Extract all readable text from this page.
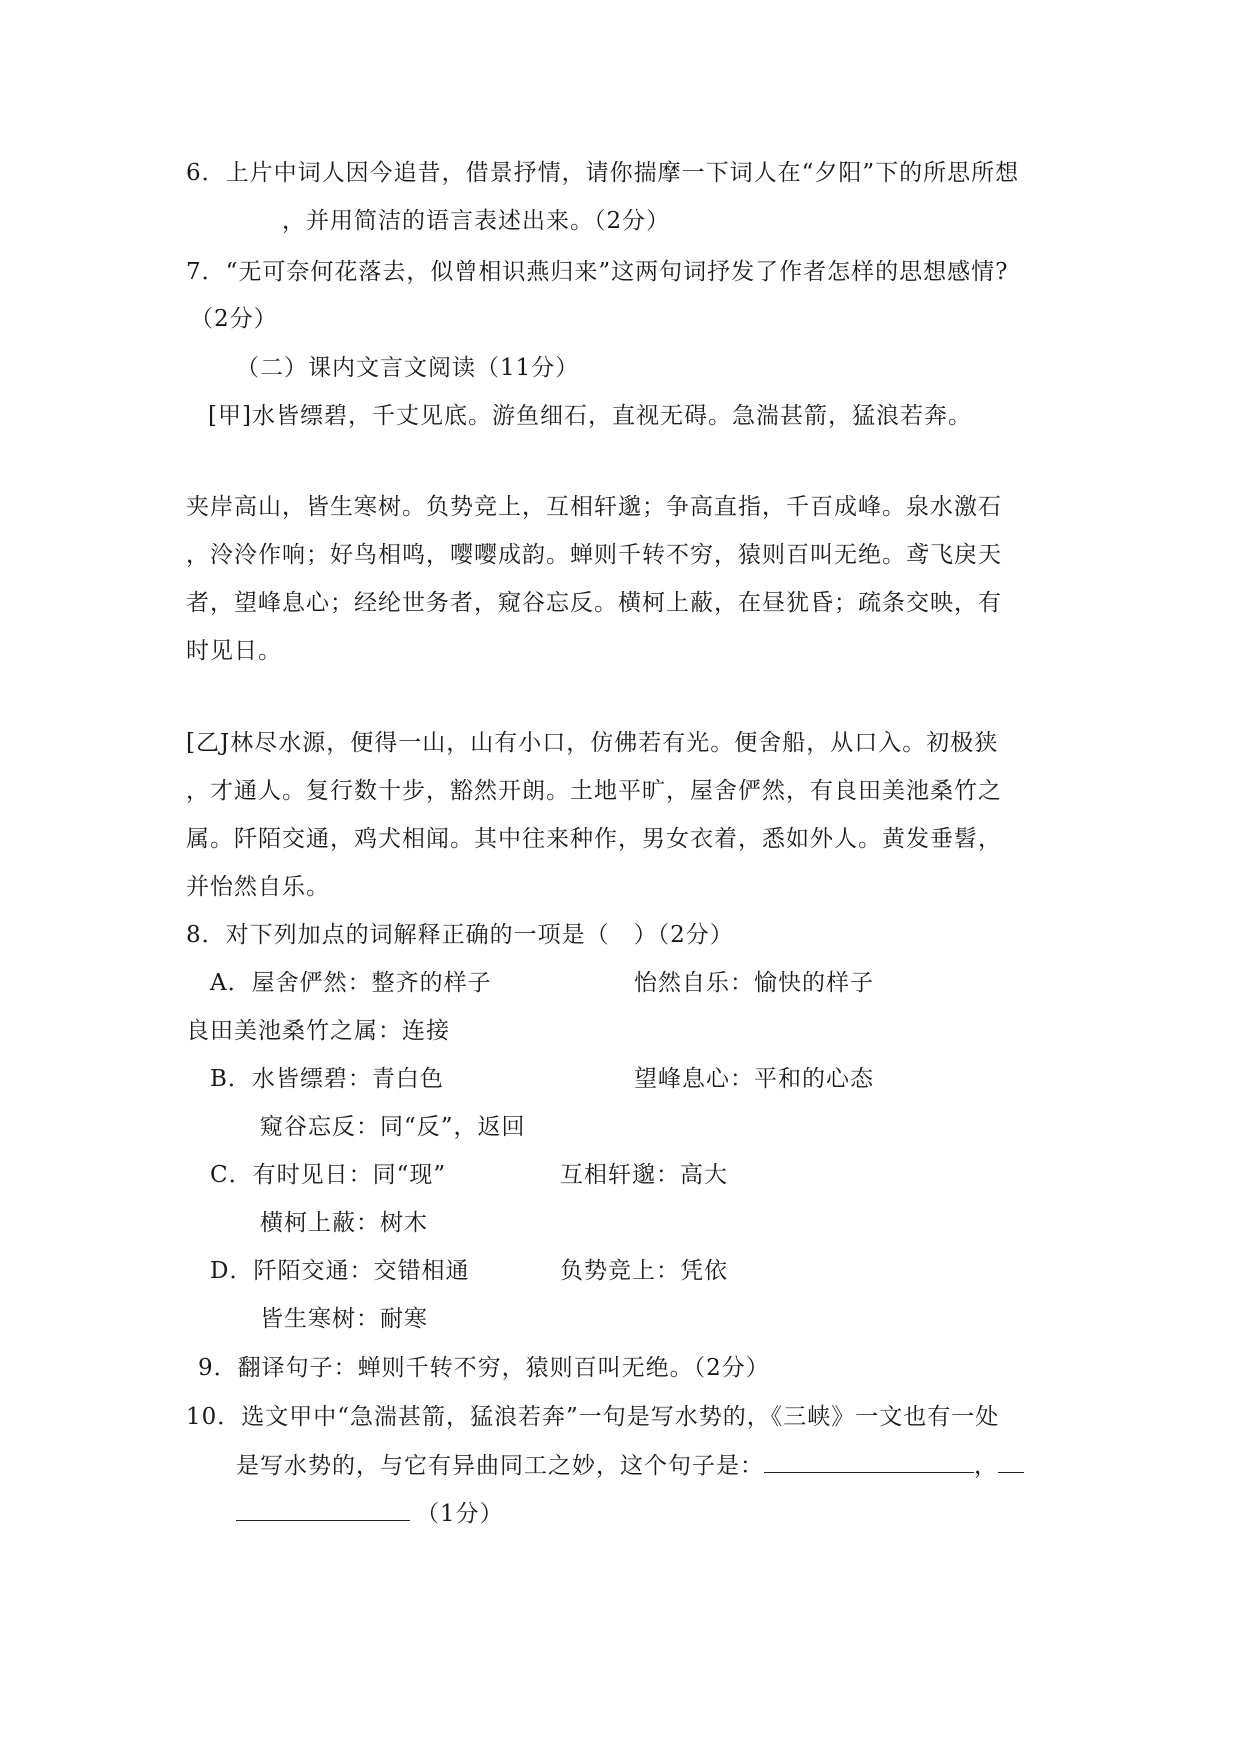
6．上片中词人因今追昔，借景抒情，请你揣摩一下词人在“夕阳”下的所思所想
，并用简洁的语言表述出来。（2分）
7．“无可奈何花落去，似曾相识燕归来”这两句词抒发了作者怎样的思想感情?
（2分）
（二）课内文言文阅读（11分）
[甲]水皆缥碧，千丈见底。游鱼细石，直视无碍。急湍甚箭，猛浪若奔。
夹岸高山，皆生寒树。负势竞上，互相轩邈；争高直指，千百成峰。泉水激石
，泠泠作响；好鸟相鸣，嘤嘤成韵。蝉则千转不穷，猿则百叫无绝。鸢飞戾天
者，望峰息心；经纶世务者，窥谷忘反。横柯上蔽，在昼犹昏；疏条交映，有
时见日。
[乙J林尽水源，便得一山，山有小口，仿佛若有光。便舍船，从口入。初极狭
，才通人。复行数十步，豁然开朗。土地平旷，屋舍俨然，有良田美池桑竹之
属。阡陌交通，鸡犬相闻。其中往来种作，男女衣着，悉如外人。黄发垂髫，
并怡然自乐。
8．对下列加点的词解释正确的一项是（　）（2分）
A．屋舍俨然：整齐的样子	怡然自乐：愉快的样子
良田美池桑竹之属：连接
B．水皆缥碧：青白色	望峰息心：平和的心态
窥谷忘反：同“反”，返回
C．有时见日：同“现”	互相轩邈：高大
横柯上蔽：树木
D．阡陌交通：交错相通	负势竞上：凭依
皆生寒树：耐寒
9．翻译句子：蝉则千转不穷，猿则百叫无绝。（2分）
10．选文甲中“急湍甚箭，猛浪若奔”一句是写水势的，《三峡》一文也有一处
是写水势的，与它有异曲同工之妙，这个句子是：	，
（1分）
